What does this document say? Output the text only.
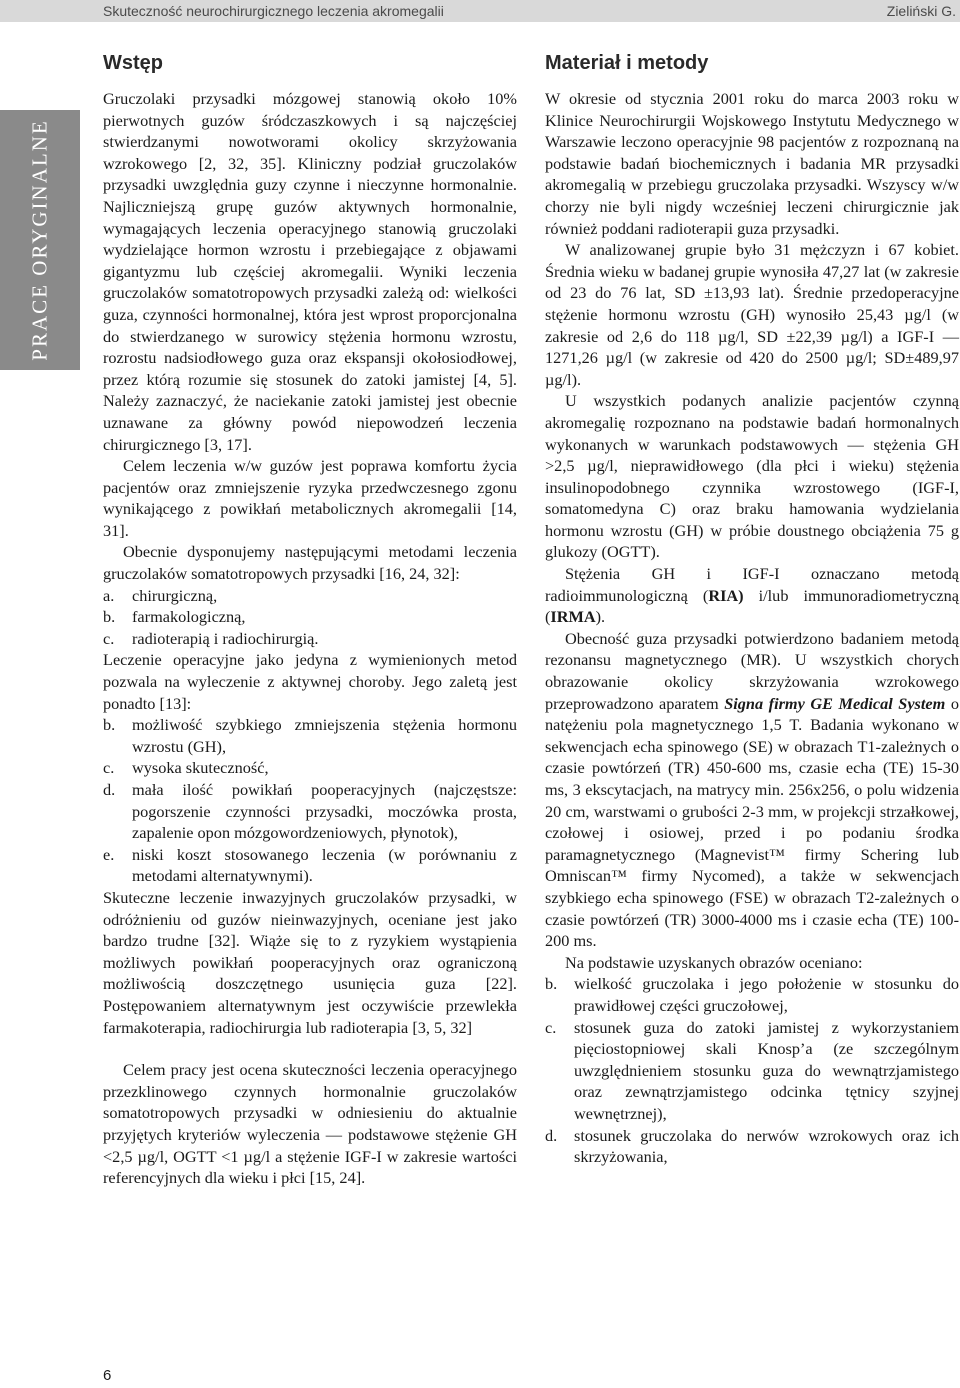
Skuteczność neurochirurgicznego leczenia akromegalii	Zieliński G.
PRACE ORYGINALNE
Wstęp

Gruczolaki przysadki mózgowej stanowią około 10% pierwotnych guzów śródczaszkowych i są najczęściej stwierdzanymi nowotworami okolicy skrzyżowania wzrokowego [2, 32, 35]. Kliniczny podział gruczolaków przysadki uwzględnia guzy czynne i nieczynne hormonalnie. Najliczniejszą grupę guzów aktywnych hormonalnie, wymagających leczenia operacyjnego stanowią gruczolaki wydzielające hormon wzrostu i przebiegające z objawami gigantyzmu lub częściej akromegalii. Wyniki leczenia gruczolaków somatotropowych przysadki zależą od: wielkości guza, czynności hormonalnej, która jest wprost proporcjonalna do stwierdzanego w surowicy stężenia hormonu wzrostu, rozrostu nadsiodłowego guza oraz ekspansji okołosiodłowej, przez którą rozumie się stosunek do zatoki jamistej [4, 5]. Należy zaznaczyć, że naciekanie zatoki jamistej jest obecnie uznawane za główny powód niepowodzeń leczenia chirurgicznego [3, 17].

Celem leczenia w/w guzów jest poprawa komfortu życia pacjentów oraz zmniejszenie ryzyka przedwczesnego zgonu wynikającego z powikłań metabolicznych akromegalii [14, 31].

Obecnie dysponujemy następującymi metodami leczenia gruczolaków somatotropowych przysadki [16, 24, 32]:

a. chirurgiczną,
b. farmakologiczną,
c. radioterapią i radiochirurgią.

Leczenie operacyjne jako jedyna z wymienionych metod pozwala na wyleczenie z aktywnej choroby. Jego zaletą jest ponadto [13]:

b. możliwość szybkiego zmniejszenia stężenia hormonu wzrostu (GH),
c. wysoka skuteczność,
d. mała ilość powikłań pooperacyjnych (najczęstsze: pogorszenie czynności przysadki, moczówka prosta, zapalenie opon mózgowordzeniowych, płynotok),
e. niski koszt stosowanego leczenia (w porównaniu z metodami alternatywnymi).

Skuteczne leczenie inwazyjnych gruczolaków przysadki, w odróżnieniu od guzów nieinwazyjnych, oceniane jest jako bardzo trudne [32]. Wiąże się to z ryzykiem wystąpienia możliwych powikłań pooperacyjnych oraz ograniczoną możliwością doszczętnego usunięcia guza [22]. Postępowaniem alternatywnym jest oczywiście przewlekła farmakoterapia, radiochirurgia lub radioterapia [3, 5, 32]

Celem pracy jest ocena skuteczności leczenia operacyjnego przezklinowego czynnych hormonalnie gruczolaków somatotropowych przysadki w odniesieniu do aktualnie przyjętych kryteriów wyleczenia — podstawowe stężenie GH <2,5 µg/l, OGTT <1 µg/l a stężenie IGF-I w zakresie wartości referencyjnych dla wieku i płci [15, 24].

Materiał i metody

W okresie od stycznia 2001 roku do marca 2003 roku w Klinice Neurochirurgii Wojskowego Instytutu Medycznego w Warszawie leczono operacyjnie 98 pacjentów z rozpoznaną na podstawie badań biochemicznych i badania MR przysadki akromegalią w przebiegu gruczolaka przysadki. Wszyscy w/w chorzy nie byli nigdy wcześniej leczeni chirurgicznie jak również poddani radioterapii guza przysadki.

W analizowanej grupie było 31 mężczyzn i 67 kobiet. Średnia wieku w badanej grupie wynosiła 47,27 lat (w zakresie od 23 do 76 lat, SD ±13,93 lat). Średnie przedoperacyjne stężenie hormonu wzrostu (GH) wynosiło 25,43 µg/l (w zakresie od 2,6 do 118 µg/l, SD ±22,39 µg/l) a IGF-I — 1271,26 µg/l (w zakresie od 420 do 2500 µg/l; SD±489,97 µg/l).

U wszystkich podanych analizie pacjentów czynną akromegalię rozpoznano na podstawie badań hormonalnych wykonanych w warunkach podstawowych — stężenia GH >2,5 µg/l, nieprawidłowego (dla płci i wieku) stężenia insulinopodobnego czynnika wzrostowego (IGF-I, somatomedyna C) oraz braku hamowania wydzielania hormonu wzrostu (GH) w próbie doustnego obciążenia 75 g glukozy (OGTT).

Stężenia GH i IGF-I oznaczano metodą radioimmunologiczną (RIA) i/lub immunoradiometryczną (IRMA).

Obecność guza przysadki potwierdzono badaniem metodą rezonansu magnetycznego (MR). U wszystkich chorych obrazowanie okolicy skrzyżowania wzrokowego przeprowadzono aparatem Signa firmy GE Medical System o natężeniu pola magnetycznego 1,5 T. Badania wykonano w sekwencjach echa spinowego (SE) w obrazach T1-zależnych o czasie powtórzeń (TR) 450-600 ms, czasie echa (TE) 15-30 ms, 3 ekscytacjach, na matrycy min. 256x256, o polu widzenia 20 cm, warstwami o grubości 2-3 mm, w projekcji strzałkowej, czołowej i osiowej, przed i po podaniu środka paramagnetycznego (Magnevist™ firmy Schering lub Omniscan™ firmy Nycomed), a także w sekwencjach szybkiego echa spinowego (FSE) w obrazach T2-zależnych o czasie powtórzeń (TR) 3000-4000 ms i czasie echa (TE) 100-200 ms.

Na podstawie uzyskanych obrazów oceniano:

b. wielkość gruczolaka i jego położenie w stosunku do prawidłowej części gruczołowej,
c. stosunek guza do zatoki jamistej z wykorzystaniem pięciostopniowej skali Knosp’a (ze szczególnym uwzględnieniem stosunku guza do wewnątrzjamistego oraz zewnątrzjamistego odcinka tętnicy szyjnej wewnętrznej),
d. stosunek gruczolaka do nerwów wzrokowych oraz ich skrzyżowania,
6
